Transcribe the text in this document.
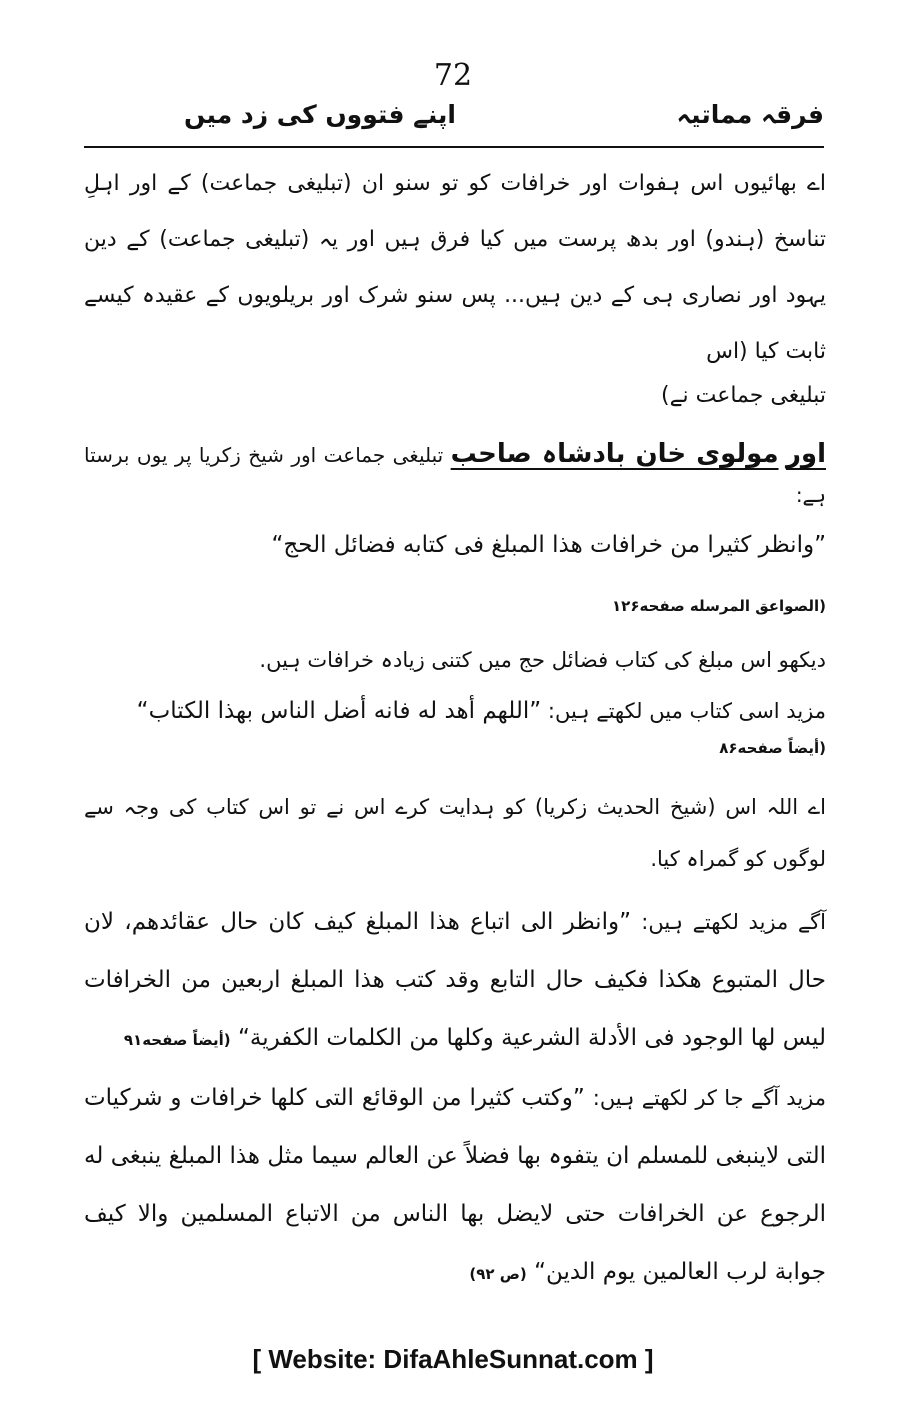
72
فرقہ مماتیہ
اپنے فتووں کی زد میں

اے بھائیوں اس ہفوات اور خرافات کو تو سنو ان (تبلیغی جماعت) کے اور اہلِ تناسخ (ہندو) اور بدھ پرست میں کیا فرق ہیں اور یہ (تبلیغی جماعت) کے دین یہود اور نصاری ہی کے دین ہیں... پس سنو شرک اور بریلویوں کے عقیدہ کیسے ثابت کیا (اس

تبلیغی جماعت نے)

اور مولوی خان بادشاہ صاحب تبلیغی جماعت اور شیخ زکریا پر یوں برستا ہے:

”وانظر کثیرا من خرافات ھذا المبلغ فی کتابه فضائل الحج“

(الصواعق المرسله صفحه۱۲۶

دیکھو اس مبلغ کی کتاب فضائل حج میں کتنی زیادہ خرافات ہیں.

مزید اسی کتاب میں لکھتے ہیں: ”اللھم أھد له فانه أضل الناس بھذا الکتاب“

(أیضاً صفحه۸۶

اے اللہ اس (شیخ الحدیث زکریا) کو ہدایت کرے اس نے تو اس کتاب کی وجہ سے لوگوں کو گمراہ کیا.

آگے مزید لکھتے ہیں: ”وانظر الی اتباع ھذا المبلغ کیف کان حال عقائدھم، لان حال المتبوع ھکذا فکیف حال التابع وقد کتب ھذا المبلغ اربعین من الخرافات لیس لھا الوجود فی الأدلة الشرعیة وکلھا من الکلمات الکفریة“ (أیضاً صفحه۹۱

مزید آگے جا کر لکھتے ہیں: ”وکتب کثیرا من الوقائع التی کلھا خرافات و شرکیات التی لاینبغی للمسلم ان یتفوہ بھا فضلاً عن العالم سیما مثل ھذا المبلغ ینبغی له الرجوع عن الخرافات حتی لایضل بھا الناس من الاتباع المسلمین والا کیف جوابة لرب العالمین یوم الدین“ (ص ۹۲)

[ Website: DifaAhleSunnat.com ]
